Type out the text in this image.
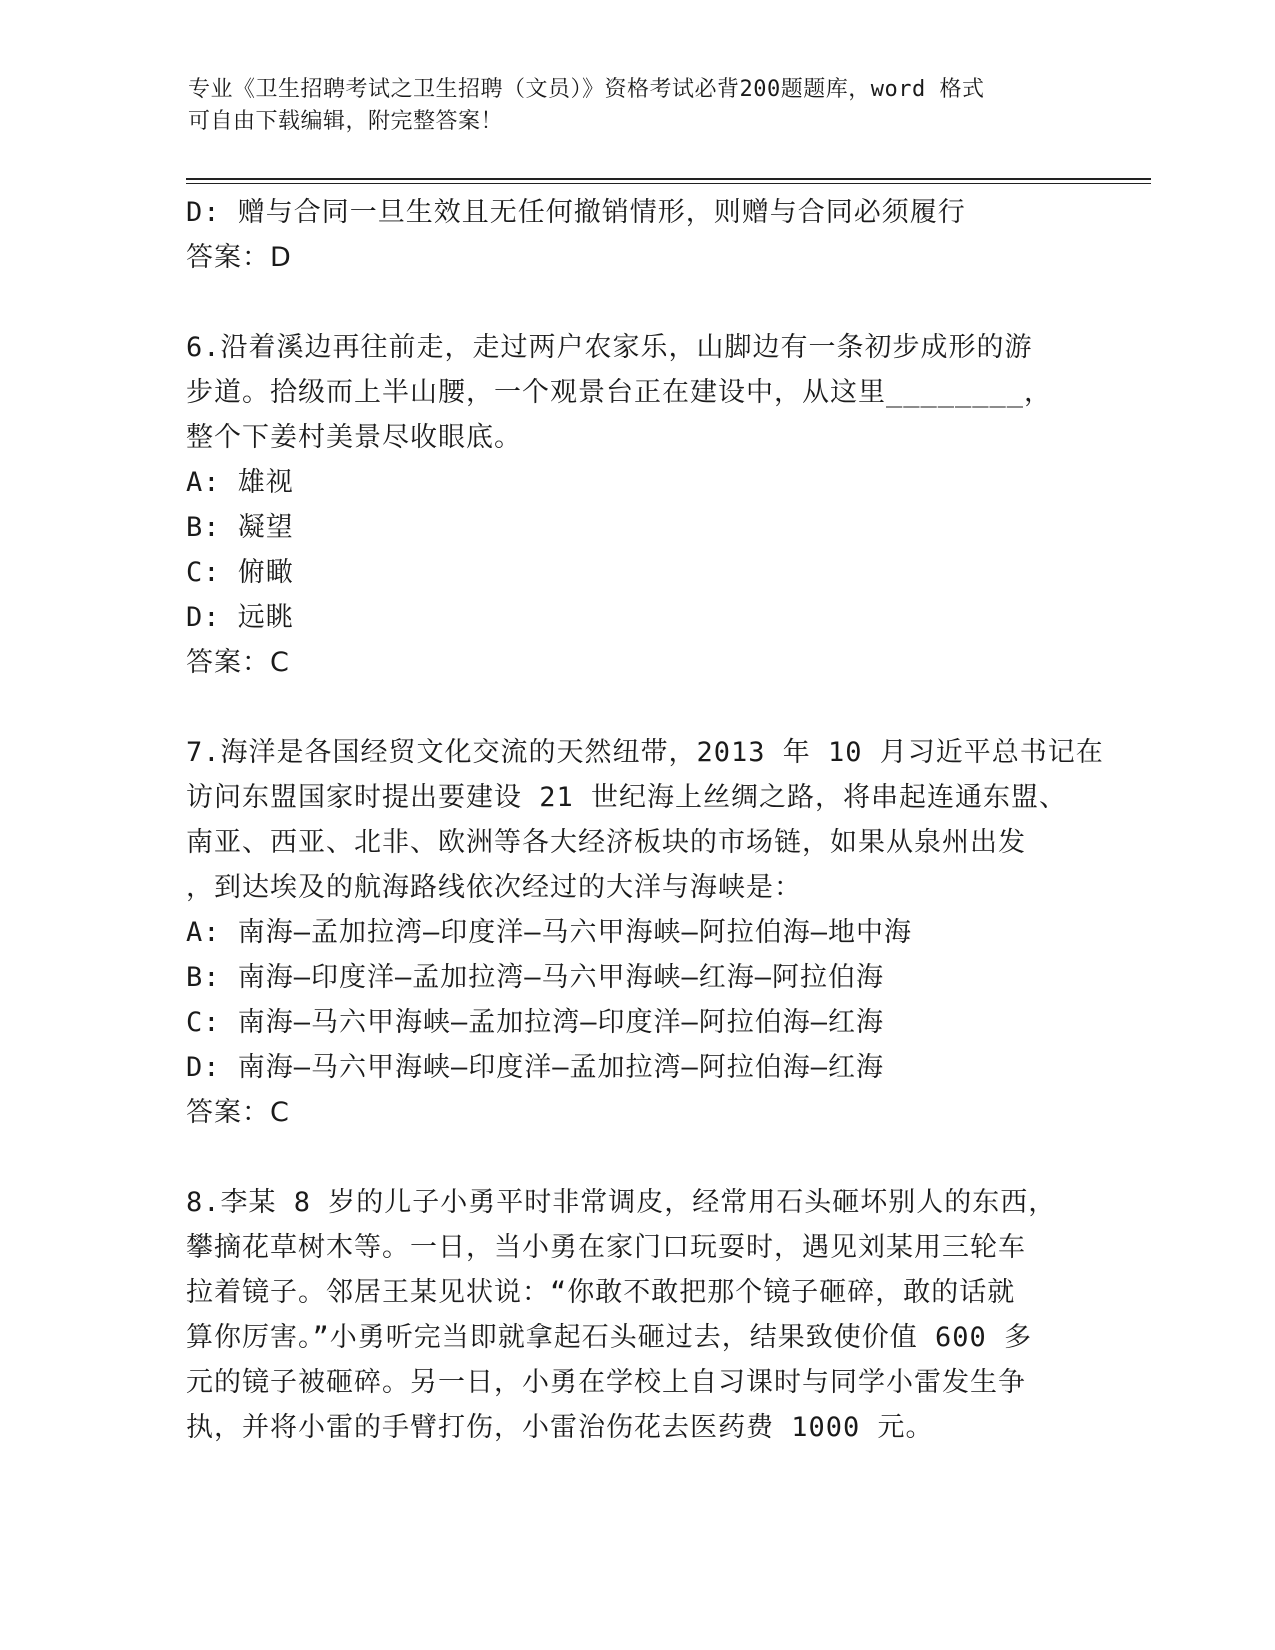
专业《卫生招聘考试之卫生招聘（文员）》资格考试必背200题题库，word 格式
可自由下载编辑，附完整答案！
D: 赠与合同一旦生效且无任何撤销情形，则赠与合同必须履行
答案：D
6.沿着溪边再往前走，走过两户农家乐，山脚边有一条初步成形的游
步道。拾级而上半山腰，一个观景台正在建设中，从这里________，
整个下姜村美景尽收眼底。
A: 雄视
B: 凝望
C: 俯瞰
D: 远眺
答案：C
7.海洋是各国经贸文化交流的天然纽带，2013 年 10 月习近平总书记在
访问东盟国家时提出要建设 21 世纪海上丝绸之路，将串起连通东盟、
南亚、西亚、北非、欧洲等各大经济板块的市场链，如果从泉州出发
，到达埃及的航海路线依次经过的大洋与海峡是：
A: 南海—孟加拉湾—印度洋—马六甲海峡—阿拉伯海—地中海
B: 南海—印度洋—孟加拉湾—马六甲海峡—红海—阿拉伯海
C: 南海—马六甲海峡—孟加拉湾—印度洋—阿拉伯海—红海
D: 南海—马六甲海峡—印度洋—孟加拉湾—阿拉伯海—红海
答案：C
8.李某 8 岁的儿子小勇平时非常调皮，经常用石头砸坏别人的东西，
攀摘花草树木等。一日，当小勇在家门口玩耍时，遇见刘某用三轮车
拉着镜子。邻居王某见状说：“你敢不敢把那个镜子砸碎，敢的话就
算你厉害。”小勇听完当即就拿起石头砸过去，结果致使价值 600 多
元的镜子被砸碎。另一日，小勇在学校上自习课时与同学小雷发生争
执，并将小雷的手臂打伤，小雷治伤花去医药费 1000 元。
